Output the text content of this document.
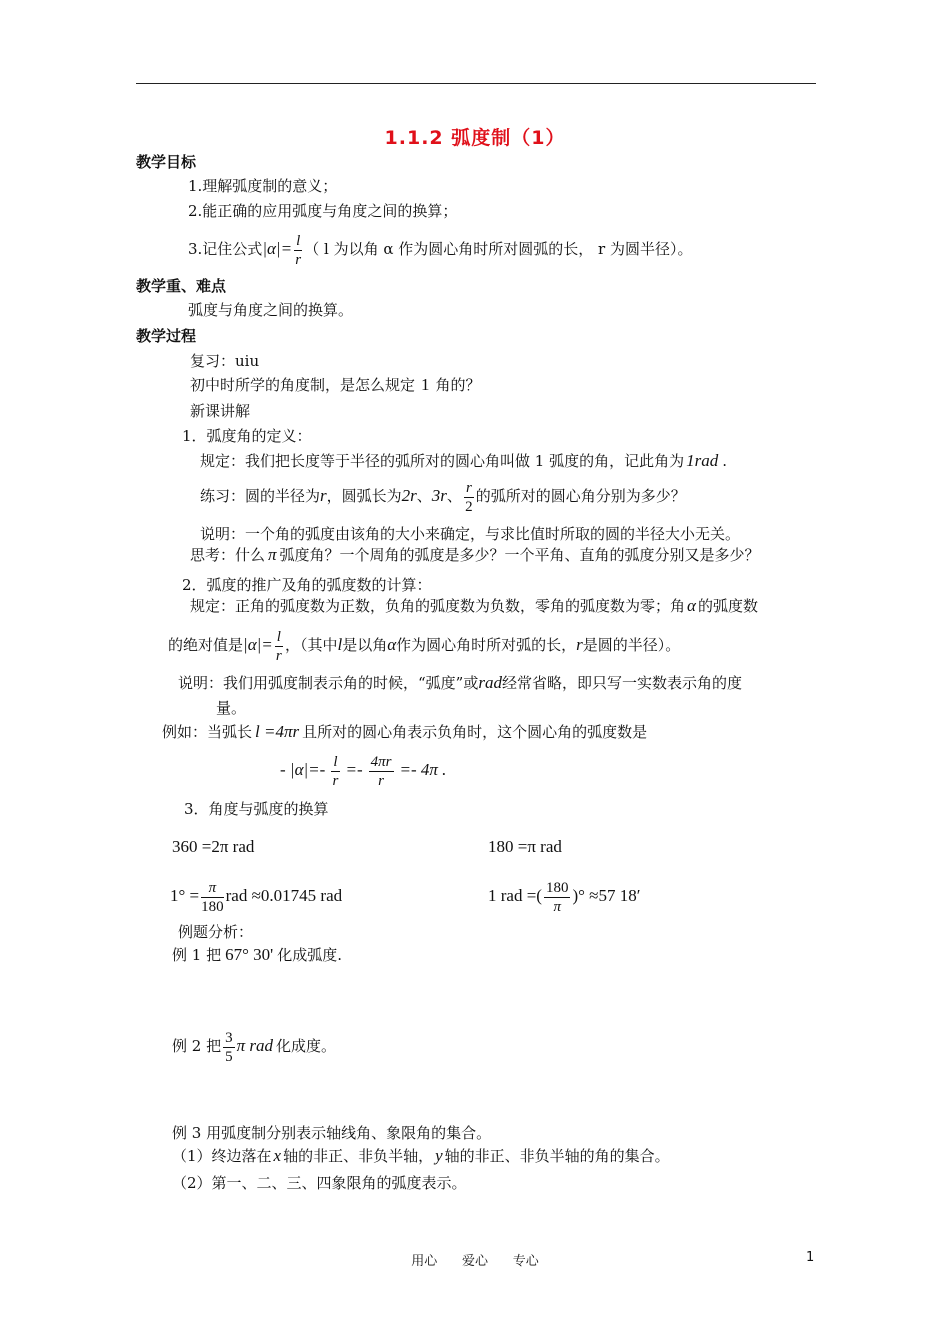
1.1.2 弧度制（1）
教学目标
1.理解弧度制的意义；
2.能正确的应用弧度与角度之间的换算；
3.记住公式$|\alpha|= \frac{l}{r}$ （ l 为以角 α 作为圆心角时所对圆弧的长， r 为圆半径）。
教学重、难点
弧度与角度之间的换算。
教学过程
复习：uiu
初中时所学的角度制，是怎么规定 1 角的？
新课讲解
1．弧度角的定义：
规定：我们把长度等于半径的弧所对的圆心角叫做 1 弧度的角，记此角为 1rad .
练习：圆的半径为r，圆弧长为2r、3r、 $\frac{r}{2}$ 的弧所对的圆心角分别为多少？
说明：一个角的弧度由该角的大小来确定，与求比值时所取的圆的半径大小无关。
思考：什么 π 弧度角？一个周角的弧度是多少？一个平角、直角的弧度分别又是多少？
2．弧度的推广及角的弧度数的计算：
规定：正角的弧度数为正数，负角的弧度数为负数，零角的弧度数为零；角 α 的弧度数
的绝对值是$|\alpha|= \frac{l}{r}$ ，（其中l是以角α作为圆心角时所对弧的长，r是圆的半径）。
说明：我们用弧度制表示角的时候，“弧度”或rad经常省略，即只写一实数表示角的度
量。
例如：当弧长 l =4πr 且所对的圆心角表示负角时，这个圆心角的弧度数是
- $|\alpha|=- \frac{l}{r} =- \frac{4\pi r}{r} =- 4\pi$ .
3．角度与弧度的换算
360 =2π rad	180 =π rad
$1^\circ = \frac{\pi}{180}$ rad ≈0.01745 rad	1 rad =( $\frac{180}{\pi}$ )° ≈57 18′
例题分析：
例 1 把 67° 30' 化成弧度.
例 2 把 $\frac{3}{5}$ π rad 化成度。
例 3 用弧度制分别表示轴线角、象限角的集合。
（1）终边落在 x 轴的非正、非负半轴， y 轴的非正、非负半轴的角的集合。
（2）第一、二、三、四象限角的弧度表示。
用心      爱心      专心	1
